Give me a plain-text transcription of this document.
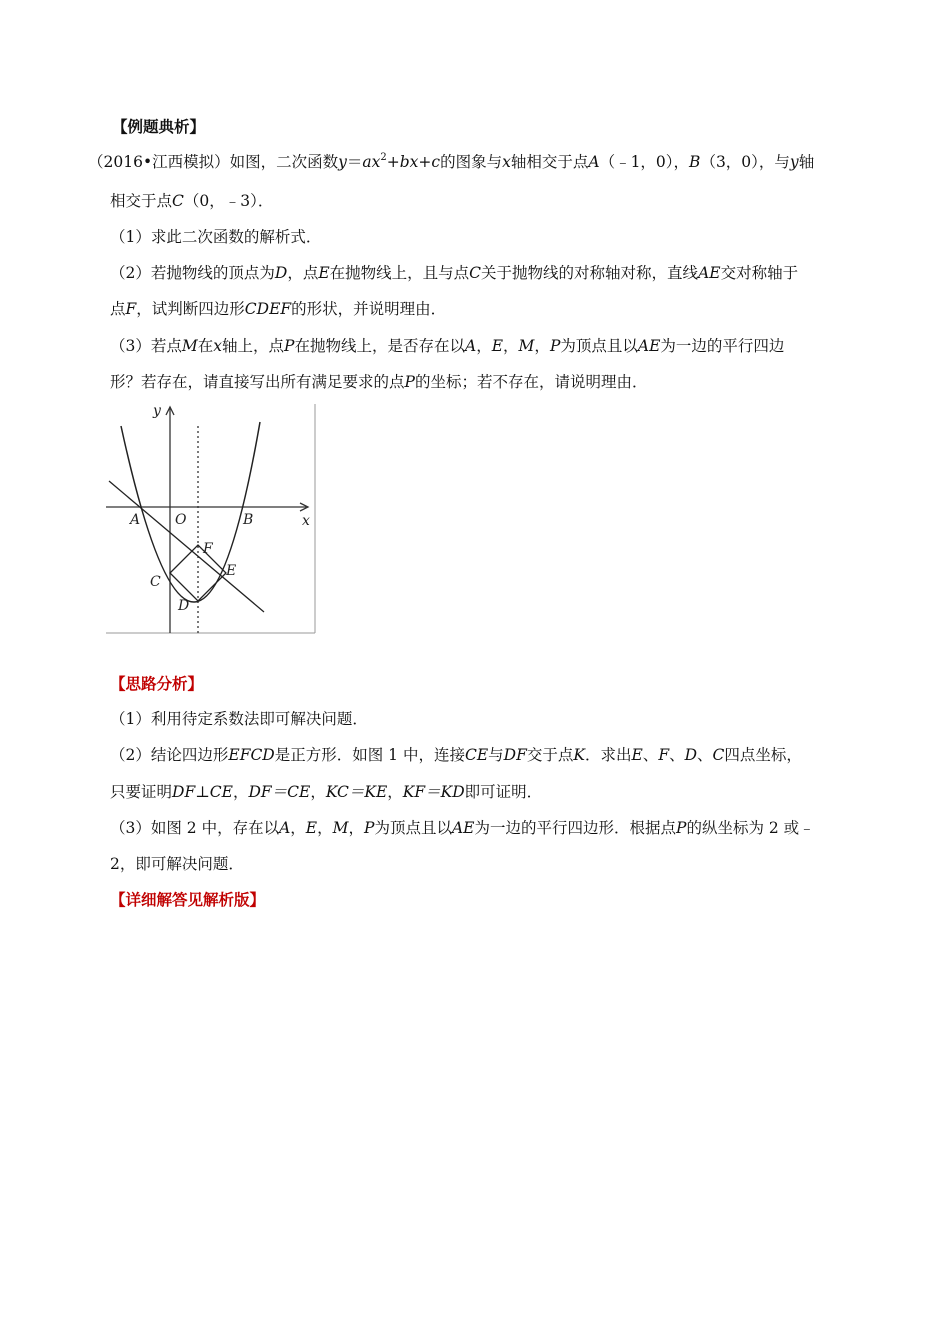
【例题典析】
（2016•江西模拟）如图，二次函数$y=ax^2+bx+c$的图象与x轴相交于点A（﹣1，0），B（3，0），与y轴
相交于点C（0，﹣3）．
（1）求此二次函数的解析式．
（2）若抛物线的顶点为D，点E在抛物线上，且与点C关于抛物线的对称轴对称，直线AE交对称轴于
点F，试判断四边形CDEF的形状，并说明理由．
（3）若点M在x轴上，点P在抛物线上，是否存在以A，E，M，P为顶点且以AE为一边的平行四边
形？若存在，请直接写出所有满足要求的点P的坐标；若不存在，请说明理由．
y
x
A O	B
F
C
E
D
【思路分析】
（1）利用待定系数法即可解决问题．
（2）结论四边形EFCD是正方形．如图 1 中，连接CE与DF交于点K．求出E、F、D、C四点坐标，
只要证明DF⊥CE，DF＝CE，KC＝KE，KF＝KD即可证明．
（3）如图 2 中，存在以A，E，M，P为顶点且以AE为一边的平行四边形．根据点P的纵坐标为 2 或﹣
2，即可解决问题．
【详细解答见解析版】
